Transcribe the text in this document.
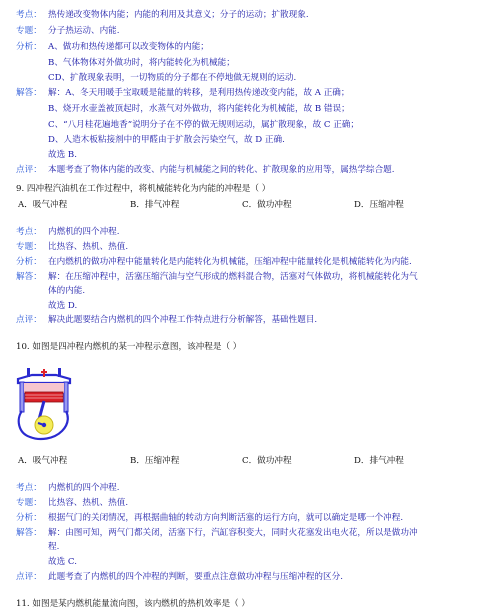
考点： 热传递改变物体内能；内能的利用及其意义；分子的运动；扩散现象.
专题： 分子热运动、内能.
分析： A、做功和热传递都可以改变物体的内能；
B、气体物体对外做功时，将内能转化为机械能；
CD、扩散现象表明，一切物质的分子都在不停地做无规则的运动.
解答： 解：A、冬天用暖手宝取暖是能量的转移，是利用热传递改变内能，故 A 正确；
B、烧开水壶盖被顶起时，水蒸气对外做功，将内能转化为机械能，故 B 错误；
C、“八月桂花遍地香”说明分子在不停的做无规则运动，属扩散现象，故 C 正确；
D、人造木板粘接剂中的甲醛由于扩散会污染空气，故 D 正确.
故选 B.
点评： 本题考查了物体内能的改变、内能与机械能之间的转化、扩散现象的应用等，属热学综合题.
9. 四冲程汽油机在工作过程中，将机械能转化为内能的冲程是（ ）
A．吸气冲程	B．排气冲程	C．做功冲程	D．压缩冲程
考点： 内燃机的四个冲程.
专题： 比热容、热机、热值.
分析： 在内燃机的做功冲程中能量转化是内能转化为机械能，压缩冲程中能量转化是机械能转化为内能.
解答： 解：在压缩冲程中，活塞压缩汽油与空气形成的燃料混合物，活塞对气体做功，将机械能转化为气
体的内能.
故选 D.
点评： 解决此题要结合内燃机的四个冲程工作特点进行分析解答，基础性题目.
10. 如图是四冲程内燃机的某一冲程示意图，该冲程是（ ）
A．吸气冲程	B．压缩冲程	C．做功冲程	D．排气冲程
考点： 内燃机的四个冲程.
专题： 比热容、热机、热值.
分析： 根据气门的关闭情况，再根据曲轴的转动方向判断活塞的运行方向，就可以确定是哪一个冲程.
解答： 解：由图可知，两气门都关闭，活塞下行，汽缸容积变大，同时火花塞发出电火花，所以是做功冲
程.
故选 C.
点评： 此题考查了内燃机的四个冲程的判断，要重点注意做功冲程与压缩冲程的区分.
11. 如图是某内燃机能量流向图，该内燃机的热机效率是（ ）
